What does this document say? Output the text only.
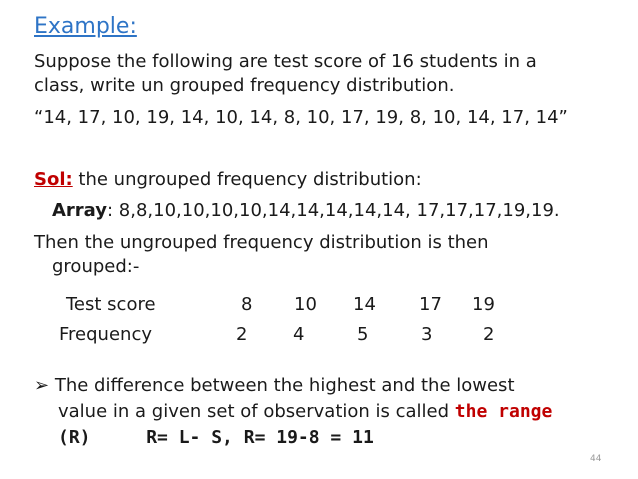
Example:
Suppose the following are test score of 16 students in a
class, write un grouped frequency distribution.
“14, 17, 10, 19, 14, 10, 14, 8, 10, 17, 19, 8, 10, 14, 17, 14”
Sol: the ungrouped frequency distribution:
Array: 8,8,10,10,10,10,14,14,14,14,14, 17,17,17,19,19.
Then the ungrouped frequency distribution is then
grouped:-
Test score	8 10 14 17 19
Frequency	2	4	5	3	2
➢ The difference between the highest and the lowest
value in a given set of observation is called the range
(R)	R= L- S, R= 19-8 = 11
44
